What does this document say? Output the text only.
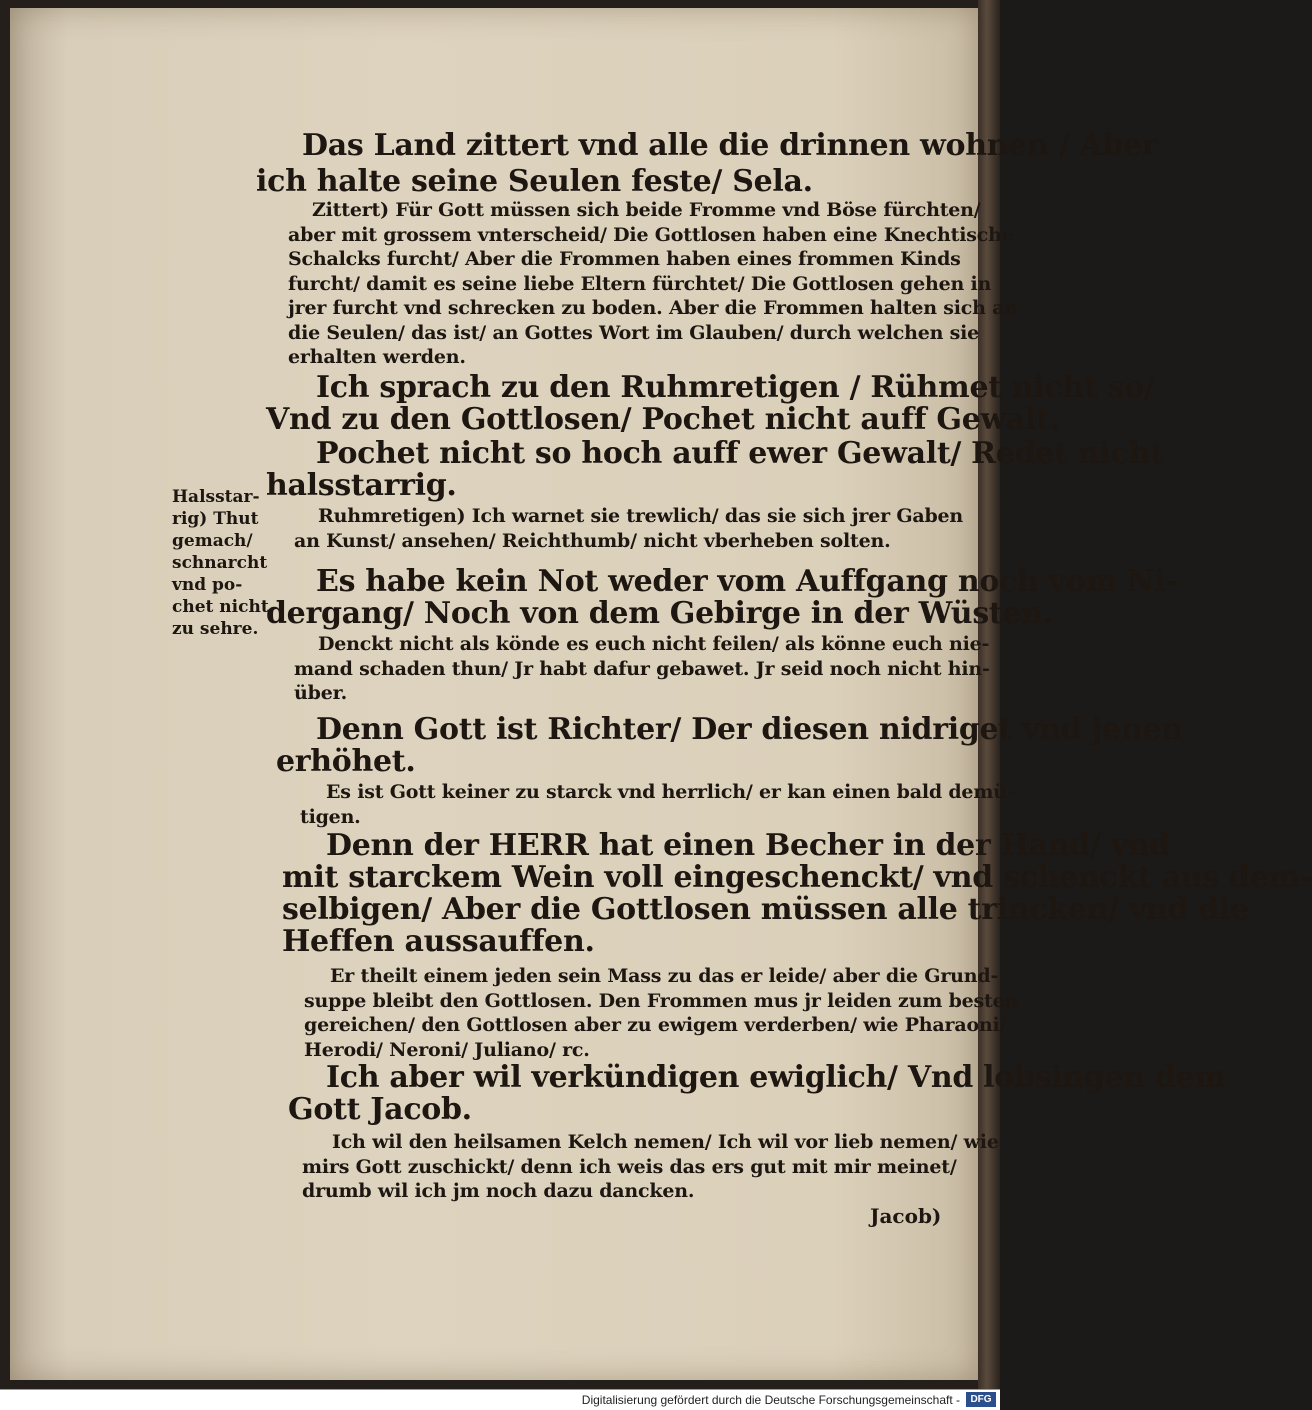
Das Land zittert vnd alle die drinnen wohnen / Aber
ich halte seine Seulen feste/ Sela.
Zittert) Für Gott müssen sich beide Fromme vnd Böse fürchten/
aber mit grossem vnterscheid/ Die Gottlosen haben eine Knechtische
Schalcks furcht/ Aber die Frommen haben eines frommen Kinds
furcht/ damit es seine liebe Eltern fürchtet/ Die Gottlosen gehen in
jrer furcht vnd schrecken zu boden. Aber die Frommen halten sich an
die Seulen/ das ist/ an Gottes Wort im Glauben/ durch welchen sie
erhalten werden.
Ich sprach zu den Ruhmretigen / Rühmet nicht so/
Vnd zu den Gottlosen/ Pochet nicht auff Gewalt.
Pochet nicht so hoch auff ewer Gewalt/ Redet nicht
halsstarrig.
Halsstar-
rig) Thut
gemach/
schnarcht
vnd po-
chet nicht
zu sehre.
Ruhmretigen) Ich warnet sie trewlich/ das sie sich jrer Gaben
an Kunst/ ansehen/ Reichthumb/ nicht vberheben solten.
Es habe kein Not weder vom Auffgang noch vom Ni-
dergang/ Noch von dem Gebirge in der Wüsten.
Denckt nicht als könde es euch nicht feilen/ als könne euch nie-
mand schaden thun/ Jr habt dafur gebawet. Jr seid noch nicht hin-
über.
Denn Gott ist Richter/ Der diesen nidriget vnd jenen
erhöhet.
Es ist Gott keiner zu starck vnd herrlich/ er kan einen bald demü-
tigen.
Denn der HERR hat einen Becher in der Hand/ vnd
mit starckem Wein voll eingeschenckt/ vnd schenckt aus dem-
selbigen/ Aber die Gottlosen müssen alle trincken/ vnd die
Heffen aussauffen.
Er theilt einem jeden sein Mass zu das er leide/ aber die Grund-
suppe bleibt den Gottlosen. Den Frommen mus jr leiden zum besten
gereichen/ den Gottlosen aber zu ewigem verderben/ wie Pharaoni/
Herodi/ Neroni/ Juliano/ rc.
Ich aber wil verkündigen ewiglich/ Vnd lobsingen dem
Gott Jacob.
Ich wil den heilsamen Kelch nemen/ Ich wil vor lieb nemen/ wie
mirs Gott zuschickt/ denn ich weis das ers gut mit mir meinet/
drumb wil ich jm noch dazu dancken.
Jacob)
Digitalisierung gefördert durch die Deutsche Forschungsgemeinschaft -	DFG
